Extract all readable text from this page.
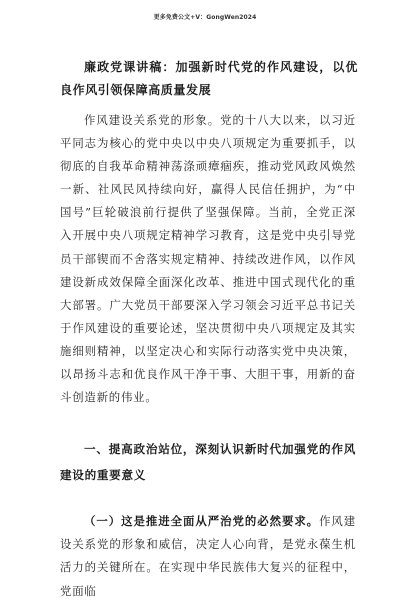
更多免费公文+V：GongWen2024
廉政党课讲稿：加强新时代党的作风建设，以优良作风引领保障高质量发展

作风建设关系党的形象。党的十八大以来，以习近平同志为核心的党中央以中央八项规定为重要抓手，以彻底的自我革命精神荡涤顽瘴痼疾，推动党风政风焕然一新、社风民风持续向好，赢得人民信任拥护，为“中国号”巨轮破浪前行提供了坚强保障。当前，全党正深入开展中央八项规定精神学习教育，这是党中央引导党员干部锲而不舍落实规定精神、持续改进作风，以作风建设新成效保障全面深化改革、推进中国式现代化的重大部署。广大党员干部要深入学习领会习近平总书记关于作风建设的重要论述，坚决贯彻中央八项规定及其实施细则精神，以坚定决心和实际行动落实党中央决策，以昂扬斗志和优良作风干净干事、大胆干事，用新的奋斗创造新的伟业。

一、提高政治站位，深刻认识新时代加强党的作风建设的重要意义

（一）这是推进全面从严治党的必然要求。作风建设关系党的形象和威信，决定人心向背，是党永葆生机活力的关键所在。在实现中华民族伟大复兴的征程中，党面临
